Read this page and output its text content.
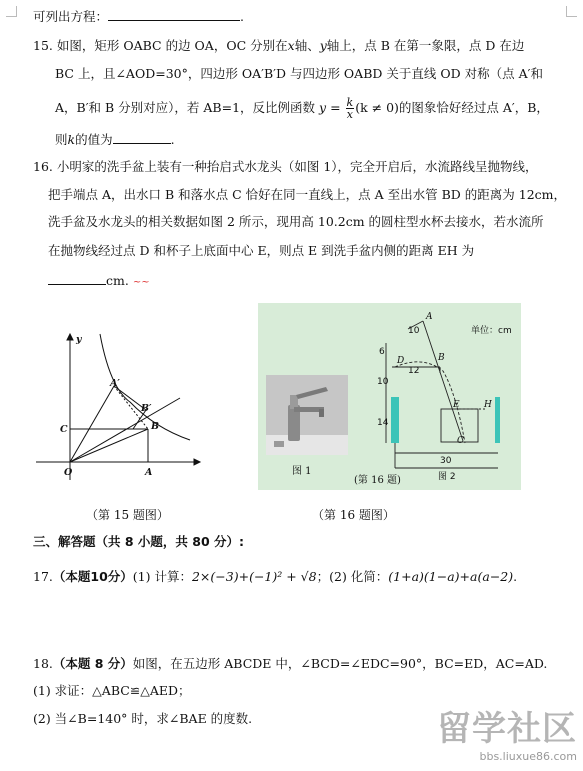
可列出方程：	.
15. 如图，矩形 OABC 的边 OA，OC 分别在x轴、y轴上，点 B 在第一象限，点 D 在边
BC 上，且∠AOD=30°，四边形 OA′B′D 与四边形 OABD 关于直线 OD 对称（点 A′和
A，B′和 B 分别对应），若 AB=1，反比例函数 $y = \frac{k}{x} (k \ne 0)$的图象恰好经过点 A′，B，
则k的值为	.
16. 小明家的洗手盆上装有一种抬启式水龙头（如图 1），完全开启后，水流路线呈抛物线，
把手端点 A，出水口 B 和落水点 C 恰好在同一直线上，点 A 至出水管 BD 的距离为 12cm，
洗手盆及水龙头的相关数据如图 2 所示，现用高 10.2cm 的圆柱型水杯去接水，若水流所
在抛物线经过点 D 和杯子上底面中心 E，则点 E 到洗手盆内侧的距离 EH 为
cm. ~~
y
A′
B′
B
C
O	A
（第 15 题图）
图 1
单位：cm
10
6
12
10
14
30
A
B
D
E	H
C
图 2
(第 16 题)
（第 16 题图）
三、解答题（共 8 小题，共 80 分）:
17.（本题10分）(1) 计算：2×(−3)+(−1)² + √8；(2) 化简：(1+a)(1−a)+a(a−2).
18.（本题 8 分）如图，在五边形 ABCDE 中，∠BCD=∠EDC=90°，BC=ED，AC=AD.
(1) 求证：△ABC≌△AED；
(2) 当∠B=140° 时，求∠BAE 的度数.	留学社区
bbs.liuxue86.com
